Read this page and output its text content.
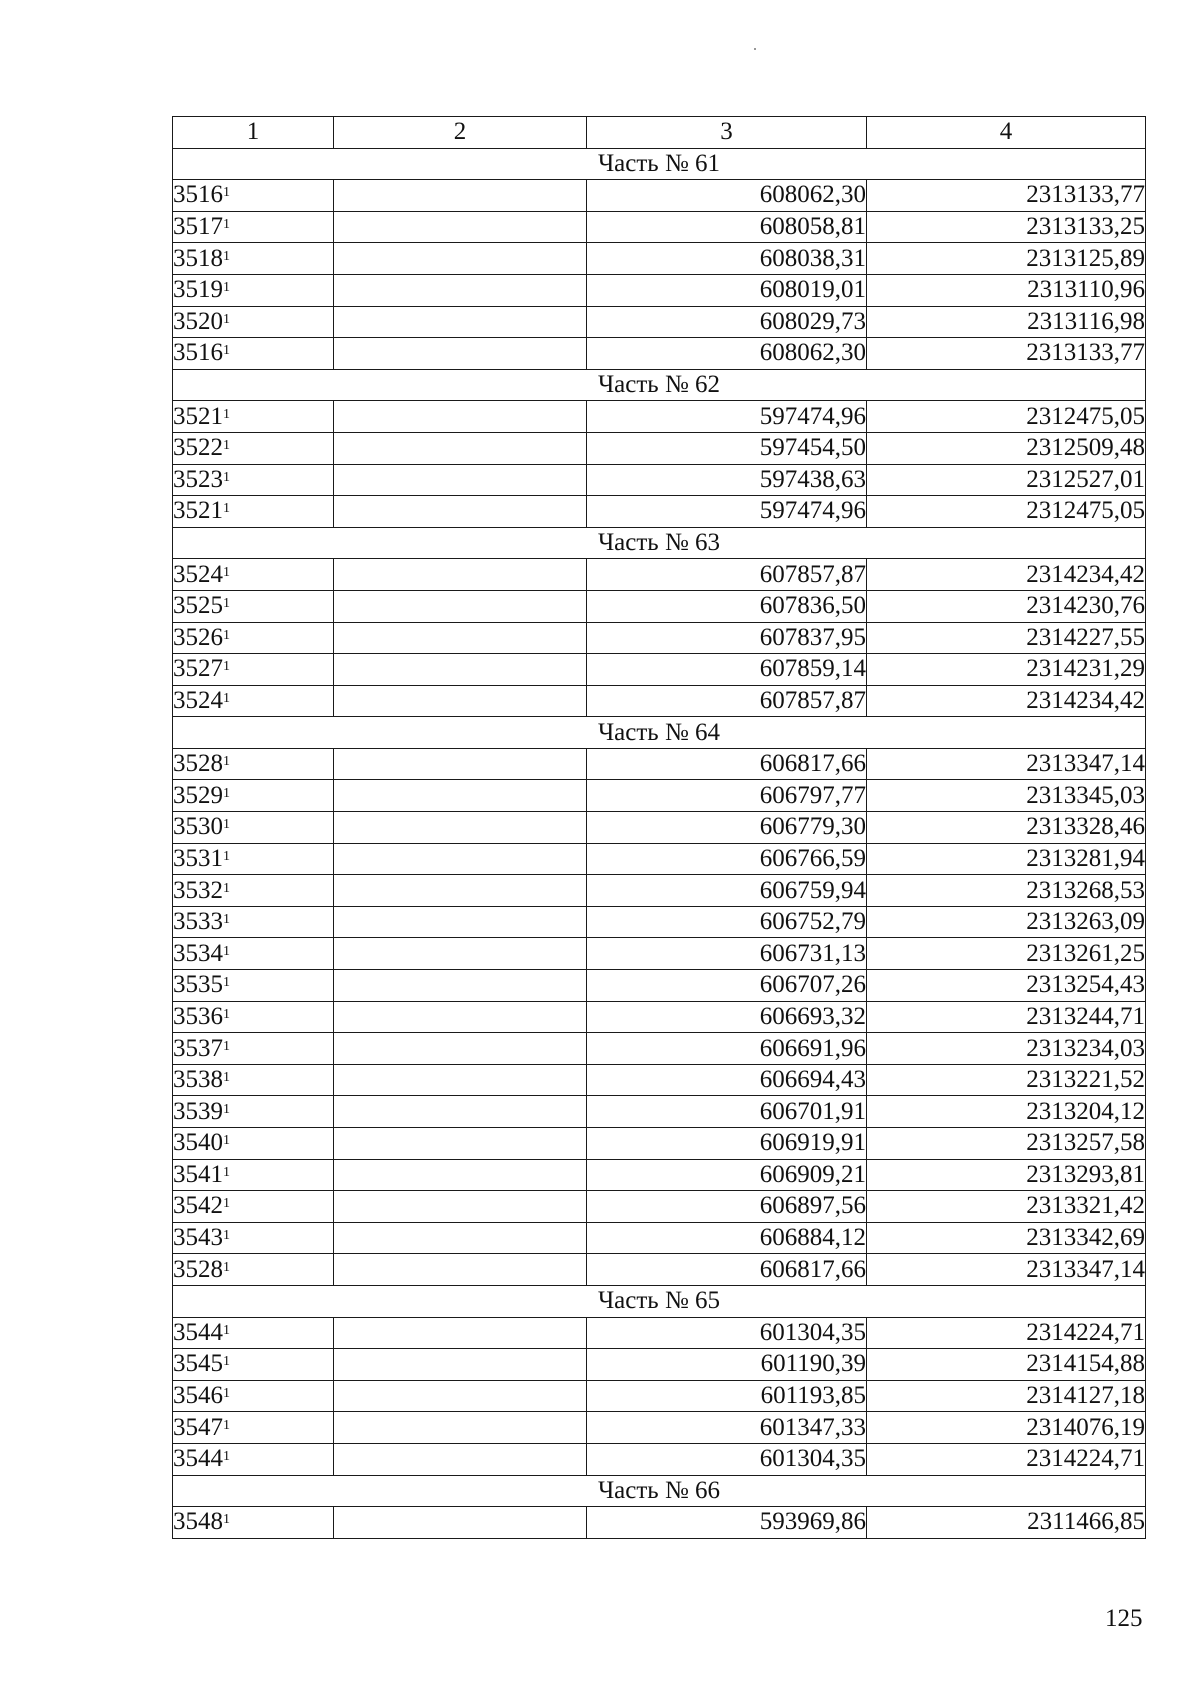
1	2	3	4
Часть № 61			
3516$^1$		608062,30	2313133,77
3517$^1$		608058,81	2313133,25
3518$^1$		608038,31	2313125,89
3519$^1$		608019,01	2313110,96
3520$^1$		608029,73	2313116,98
3516$^1$		608062,30	2313133,77
Часть № 62			
3521$^1$		597474,96	2312475,05
3522$^1$		597454,50	2312509,48
3523$^1$		597438,63	2312527,01
3521$^1$		597474,96	2312475,05
Часть № 63			
3524$^1$		607857,87	2314234,42
3525$^1$		607836,50	2314230,76
3526$^1$		607837,95	2314227,55
3527$^1$		607859,14	2314231,29
3524$^1$		607857,87	2314234,42
Часть № 64			
3528$^1$		606817,66	2313347,14
3529$^1$		606797,77	2313345,03
3530$^1$		606779,30	2313328,46
3531$^1$		606766,59	2313281,94
3532$^1$		606759,94	2313268,53
3533$^1$		606752,79	2313263,09
3534$^1$		606731,13	2313261,25
3535$^1$		606707,26	2313254,43
3536$^1$		606693,32	2313244,71
3537$^1$		606691,96	2313234,03
3538$^1$		606694,43	2313221,52
3539$^1$		606701,91	2313204,12
3540$^1$		606919,91	2313257,58
3541$^1$		606909,21	2313293,81
3542$^1$		606897,56	2313321,42
3543$^1$		606884,12	2313342,69
3528$^1$		606817,66	2313347,14
Часть № 65			
3544$^1$		601304,35	2314224,71
3545$^1$		601190,39	2314154,88
3546$^1$		601193,85	2314127,18
3547$^1$		601347,33	2314076,19
3544$^1$		601304,35	2314224,71
Часть № 66			
3548$^1$		593969,86	2311466,85
125
